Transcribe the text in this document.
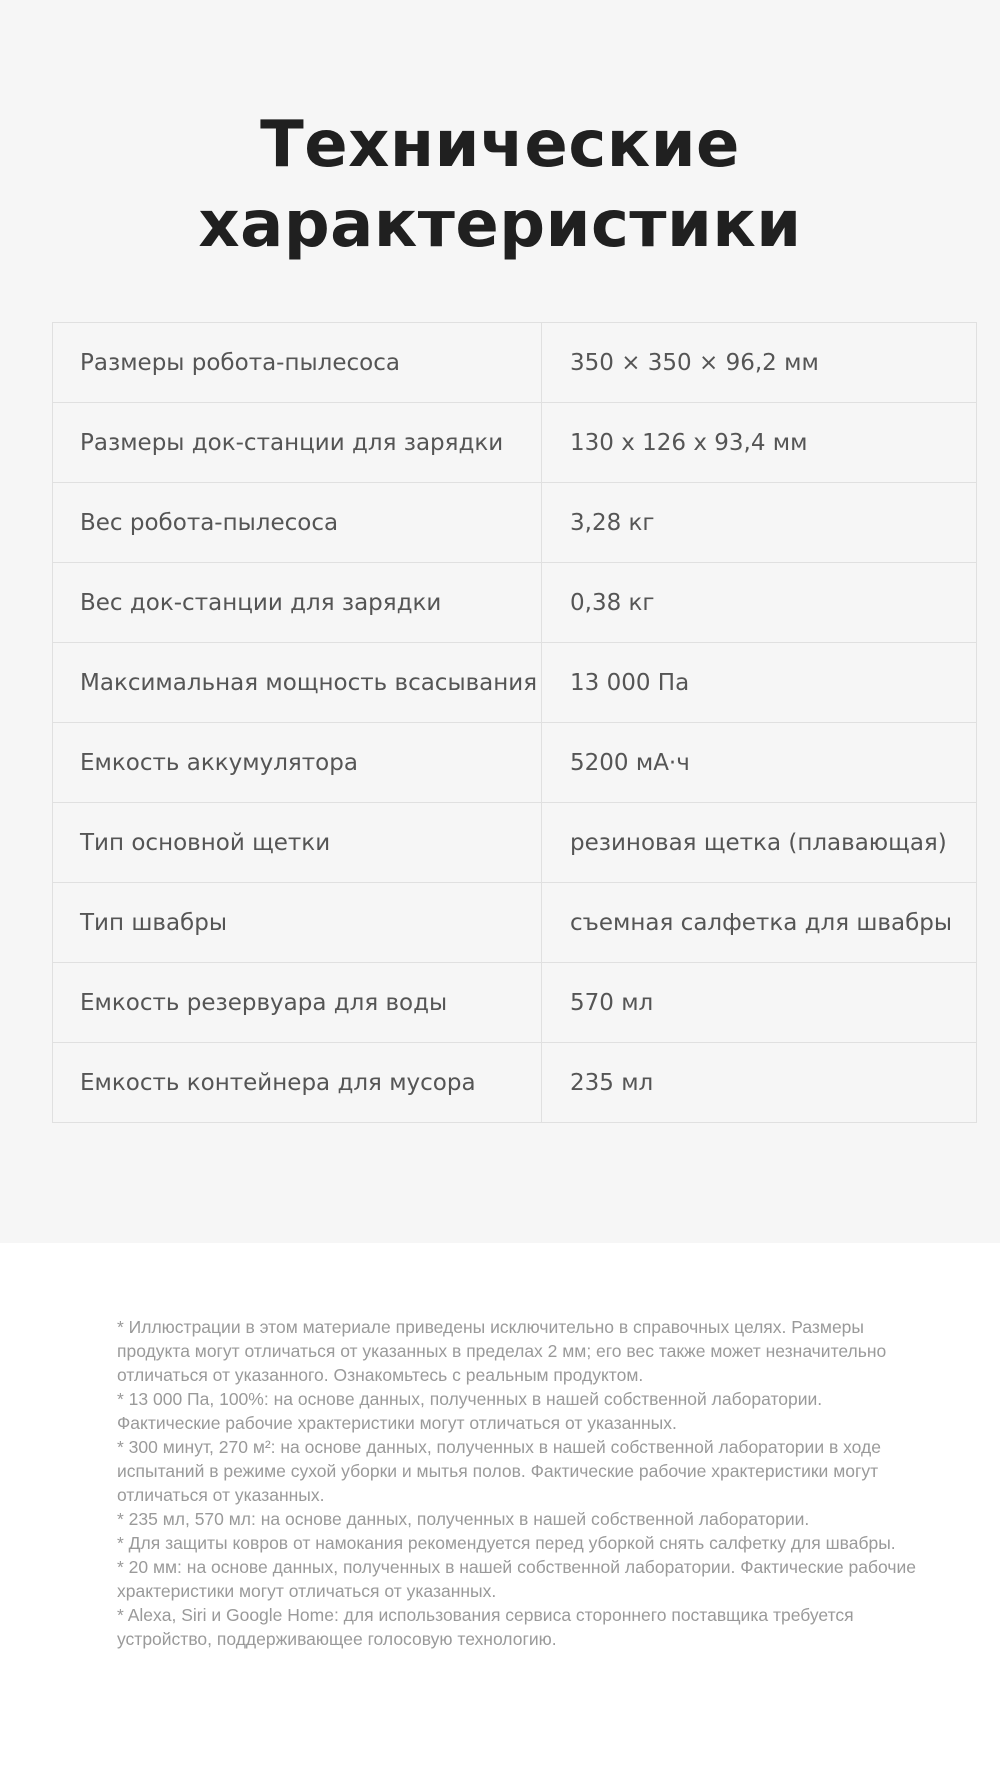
Технические
характеристики
Размеры робота-пылесоса	350 × 350 × 96,2 мм
Размеры док-станции для зарядки	130 x 126 x 93,4 мм
Вес робота-пылесоса	3,28 кг
Вес док-станции для зарядки	0,38 кг
Максимальная мощность всасывания	13 000 Па
Емкость аккумулятора	5200 мА·ч
Тип основной щетки	резиновая щетка (плавающая)
Тип швабры	съемная салфетка для швабры
Емкость резервуара для воды	570 мл
Емкость контейнера для мусора	235 мл

* Иллюстрации в этом материале приведены исключительно в справочных целях. Размеры продукта могут отличаться от указанных в пределах 2 мм; его вес также может незначительно отличаться от указанного. Ознакомьтесь с реальным продуктом.

* 13 000 Па, 100%: на основе данных, полученных в нашей собственной лаборатории. Фактические рабочие храктеристики могут отличаться от указанных.

* 300 минут, 270 м²: на основе данных, полученных в нашей собственной лаборатории в ходе испытаний в режиме сухой уборки и мытья полов. Фактические рабочие храктеристики могут отличаться от указанных.

* 235 мл, 570 мл: на основе данных, полученных в нашей собственной лаборатории.

* Для защиты ковров от намокания рекомендуется перед уборкой снять салфетку для швабры.

* 20 мм: на основе данных, полученных в нашей собственной лаборатории. Фактические рабочие храктеристики могут отличаться от указанных.

* Alexa, Siri и Google Home: для использования сервиса стороннего поставщика требуется устройство, поддерживающее голосовую технологию.
